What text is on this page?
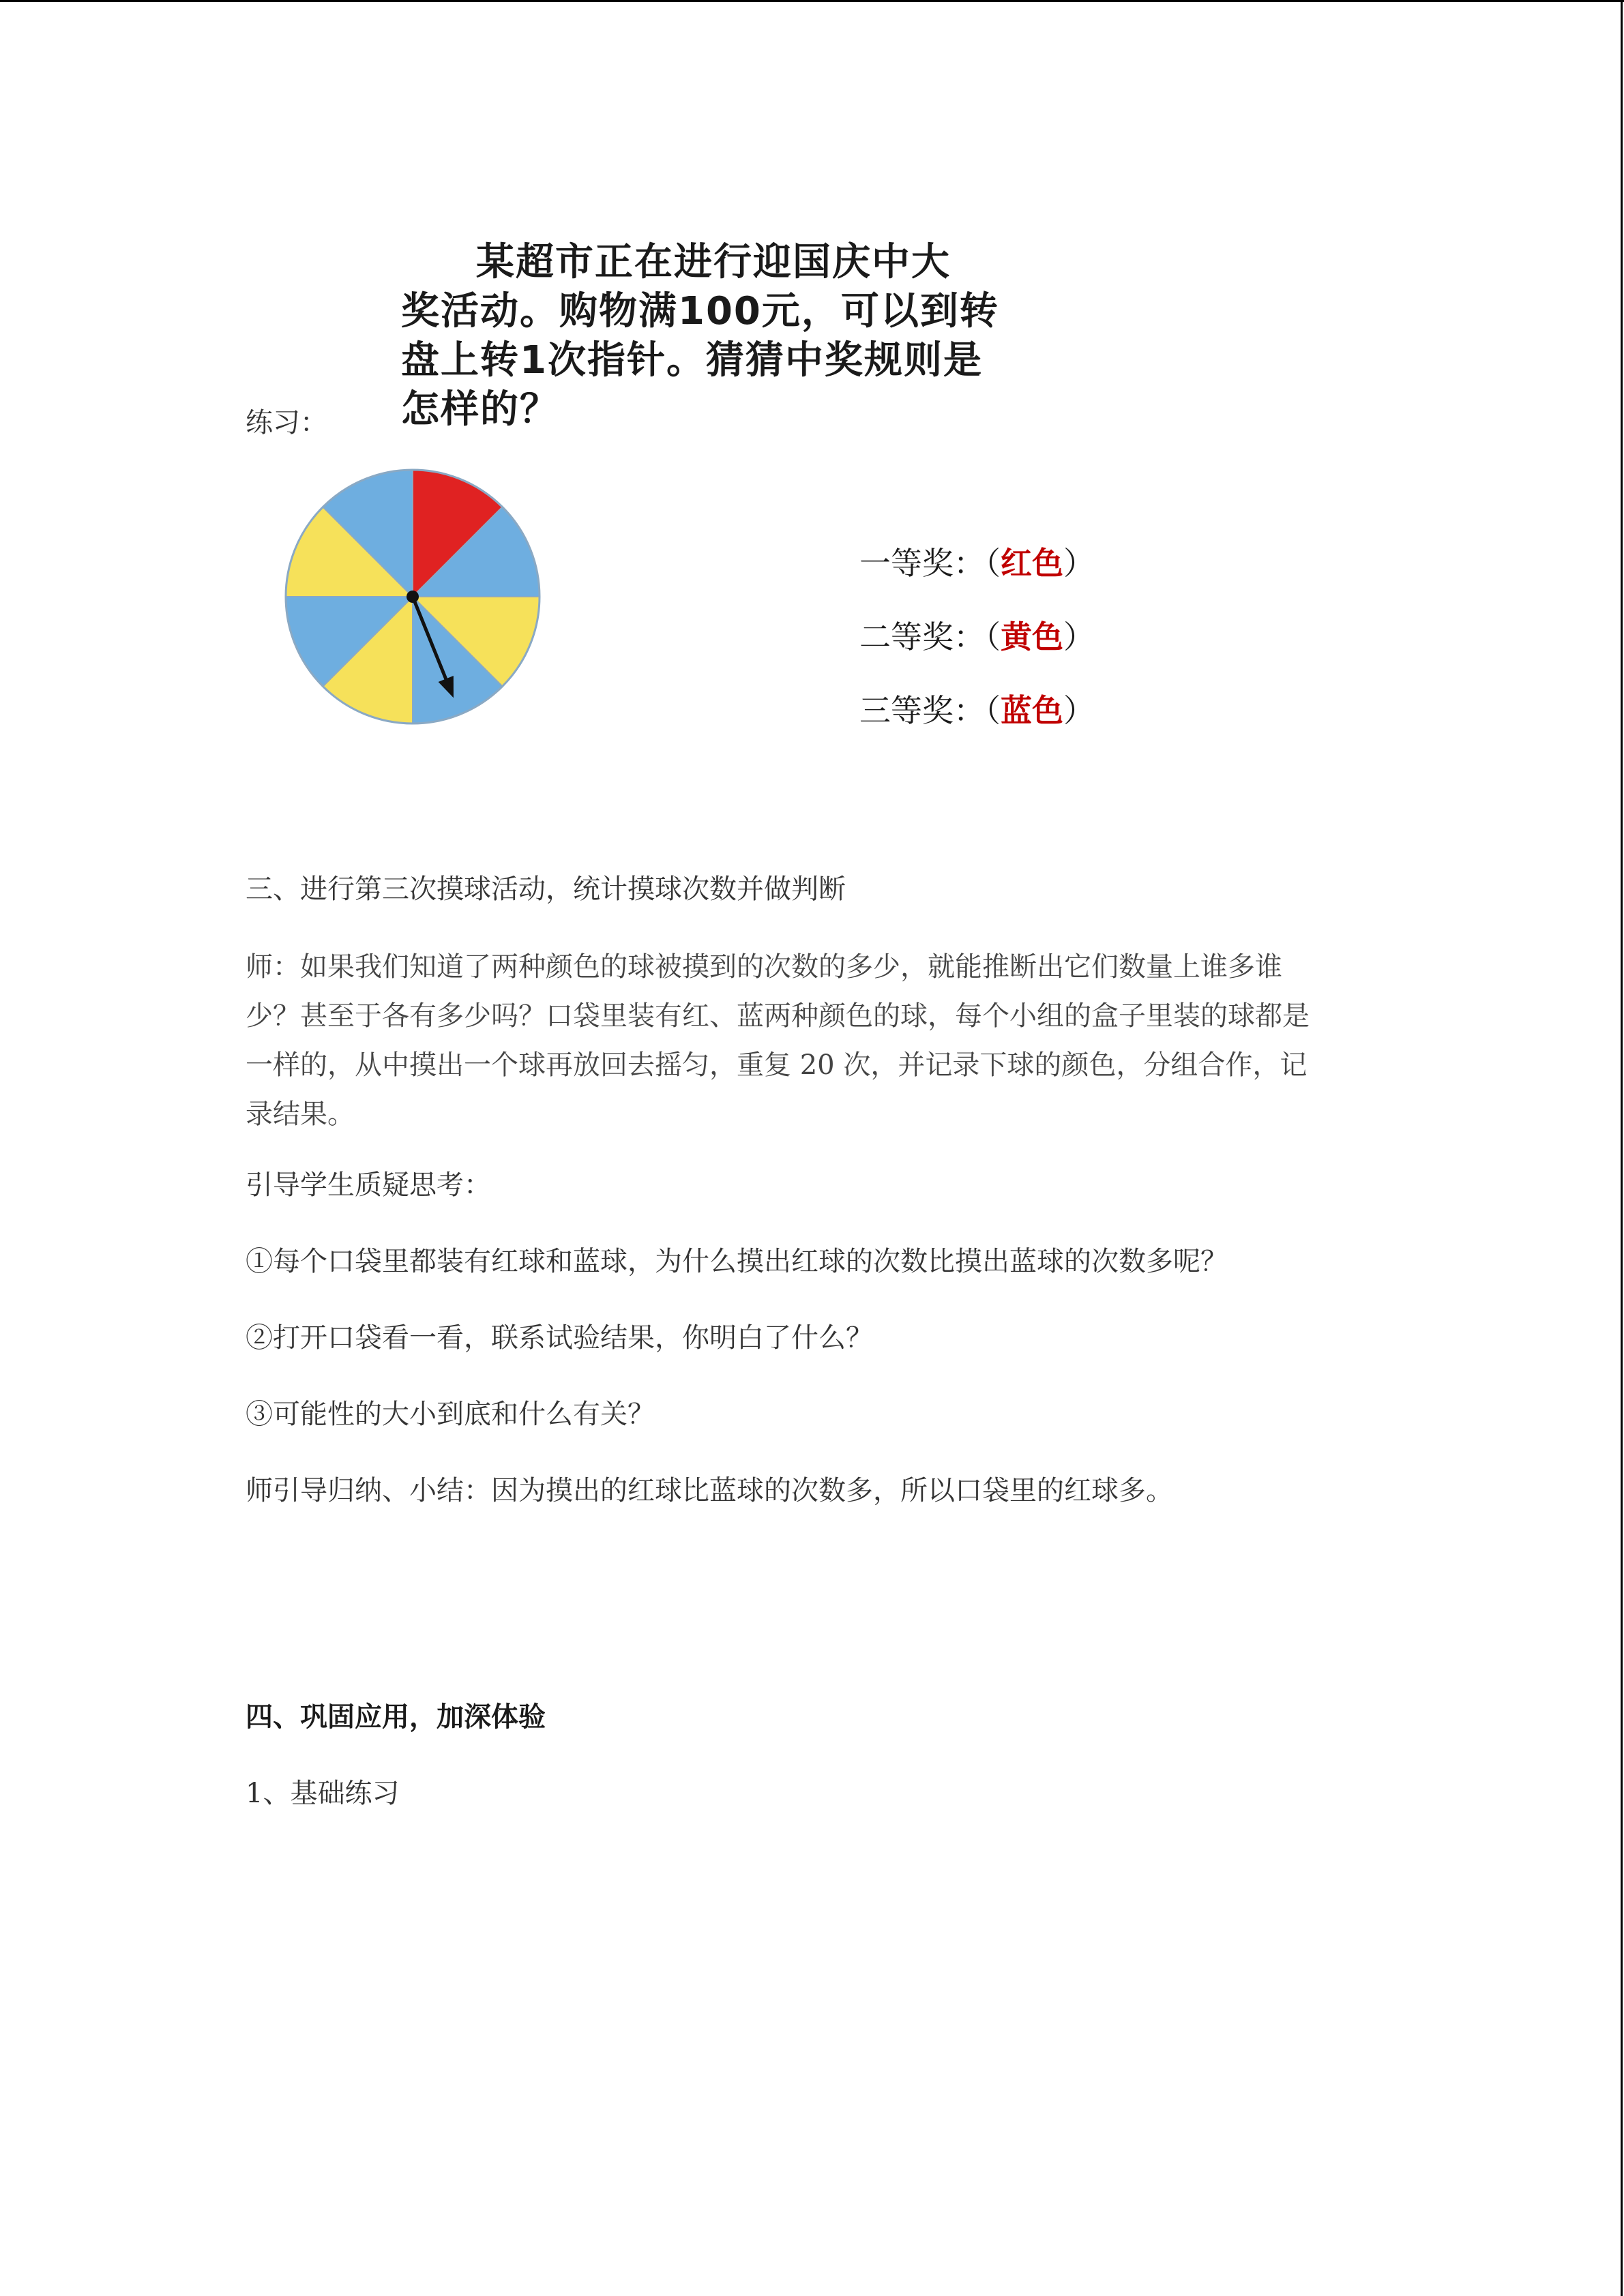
某超市正在进行迎国庆中大
奖活动。购物满100元，可以到转
盘上转1次指针。猜猜中奖规则是
怎样的？
练习：
一等奖：（红色）
二等奖：（黄色）
三等奖：（蓝色）
三、进行第三次摸球活动，统计摸球次数并做判断
师：如果我们知道了两种颜色的球被摸到的次数的多少，就能推断出它们数量上谁多谁
少？甚至于各有多少吗？口袋里装有红、蓝两种颜色的球，每个小组的盒子里装的球都是
一样的，从中摸出一个球再放回去摇匀，重复 20 次，并记录下球的颜色，分组合作，记
录结果。
引导学生质疑思考：
①每个口袋里都装有红球和蓝球，为什么摸出红球的次数比摸出蓝球的次数多呢？
②打开口袋看一看，联系试验结果，你明白了什么？
③可能性的大小到底和什么有关？
师引导归纳、小结：因为摸出的红球比蓝球的次数多，所以口袋里的红球多。
四、巩固应用，加深体验
1、基础练习
